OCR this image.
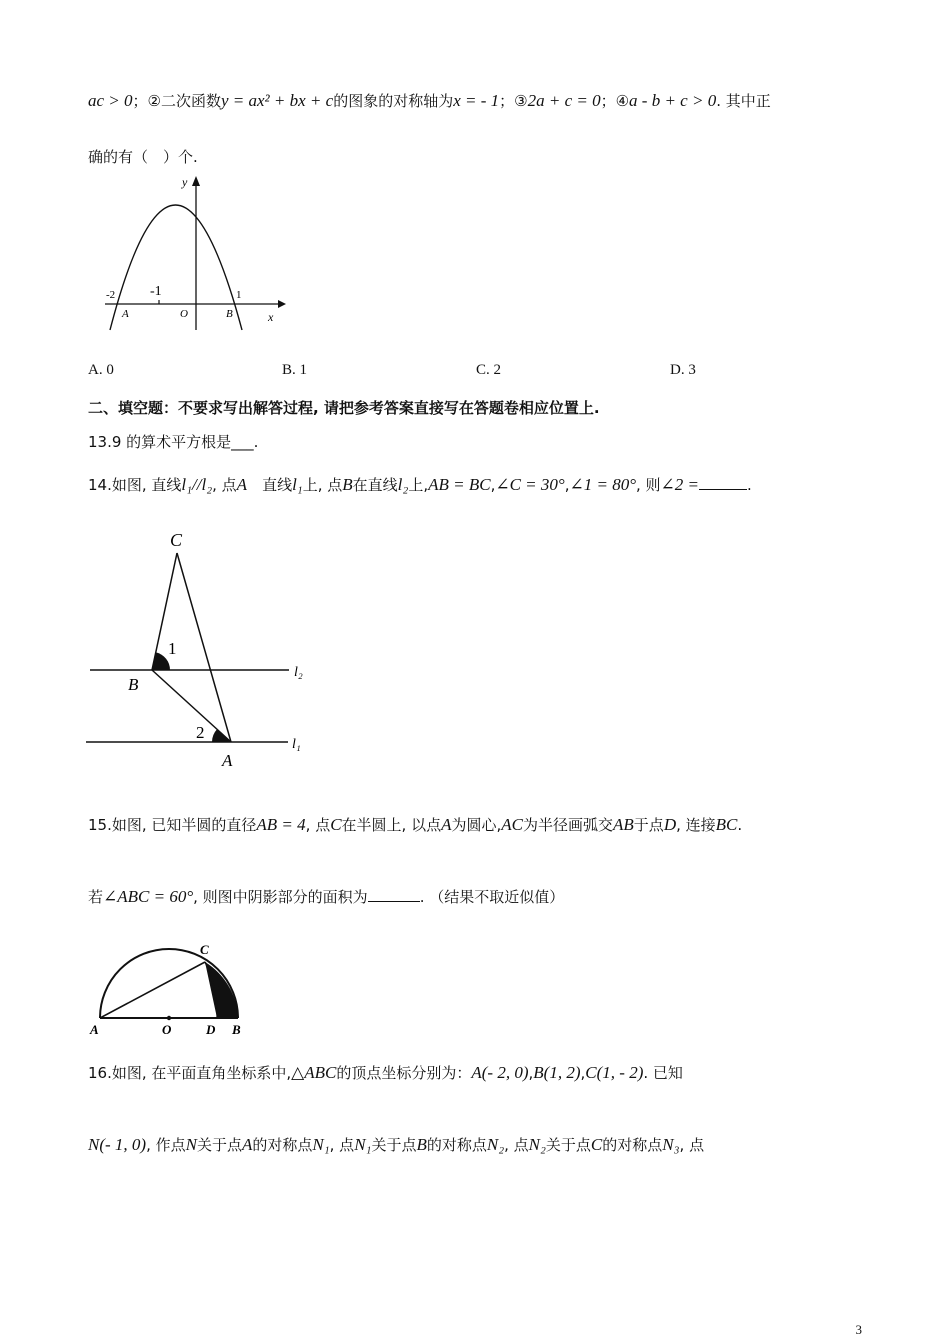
ac > 0；②二次函数y = ax² + bx + c的图象的对称轴为x = - 1；③2a + c = 0；④a - b + c > 0. 其中正
确的有（　）个.
y
x
O
-2 -1	1
A	B
A. 0	B. 1	C. 2	D. 3
二、填空题：不要求写出解答过程, 请把参考答案直接写在答题卷相应位置上.
13.9 的算术平方根是___.
14.如图, 直线l₁//l₂, 点A　直线l₁上, 点B在直线l₂上,AB = BC,∠C = 30°,∠1 = 80°, 则∠2 =	.
C
1
B
2
A
l₂
l₁
15.如图, 已知半圆的直径AB = 4, 点C在半圆上, 以点A为圆心,AC为半径画弧交AB于点D, 连接BC.
若∠ABC = 60°, 则图中阴影部分的面积为	. （结果不取近似值）
C
A	O	D B
16.如图, 在平面直角坐标系中,△ABC的顶点坐标分别为：A(- 2, 0),B(1, 2),C(1, - 2). 已知
N(- 1, 0), 作点N关于点A的对称点N₁, 点N₁关于点B的对称点N₂, 点N₂关于点C的对称点N₃, 点
3
